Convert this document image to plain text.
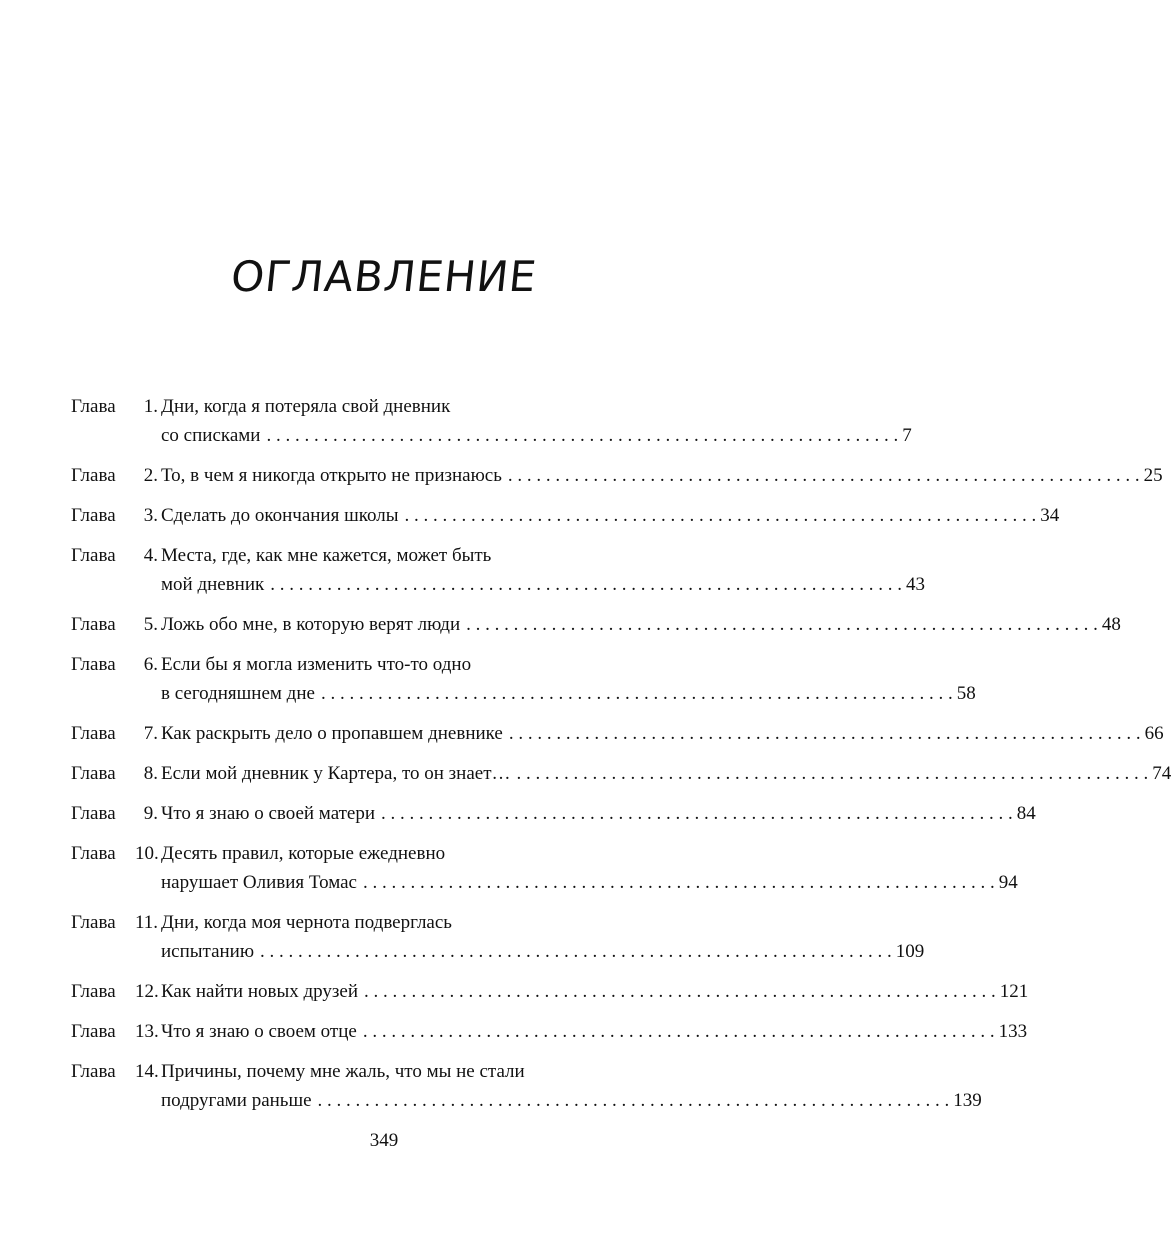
ОГЛАВЛЕНИЕ
Глава	1. Дни, когда я потеряла свой дневник
со списками . . .	7
Глава	2. То, в чем я никогда открыто не признаюсь . . .	25
Глава	3. Сделать до окончания школы . . .	34
Глава	4. Места, где, как мне кажется, может быть
мой дневник . . .	43
Глава	5. Ложь обо мне, в которую верят люди . . .	48
Глава	6. Если бы я могла изменить что-то одно
в сегодняшнем дне . . .	58
Глава	7. Как раскрыть дело о пропавшем дневнике . . .	66
Глава	8. Если мой дневник у Картера, то он знает… . . .	74
Глава	9. Что я знаю о своей матери . . .	84
Глава	10. Десять правил, которые ежедневно
нарушает Оливия Томас . . .	94
Глава	11. Дни, когда моя чернота подверглась
испытанию . . .	109
Глава	12. Как найти новых друзей . . .	121
Глава	13. Что я знаю о своем отце . . .	133
Глава	14. Причины, почему мне жаль, что мы не стали
подругами раньше . . .	139
349
